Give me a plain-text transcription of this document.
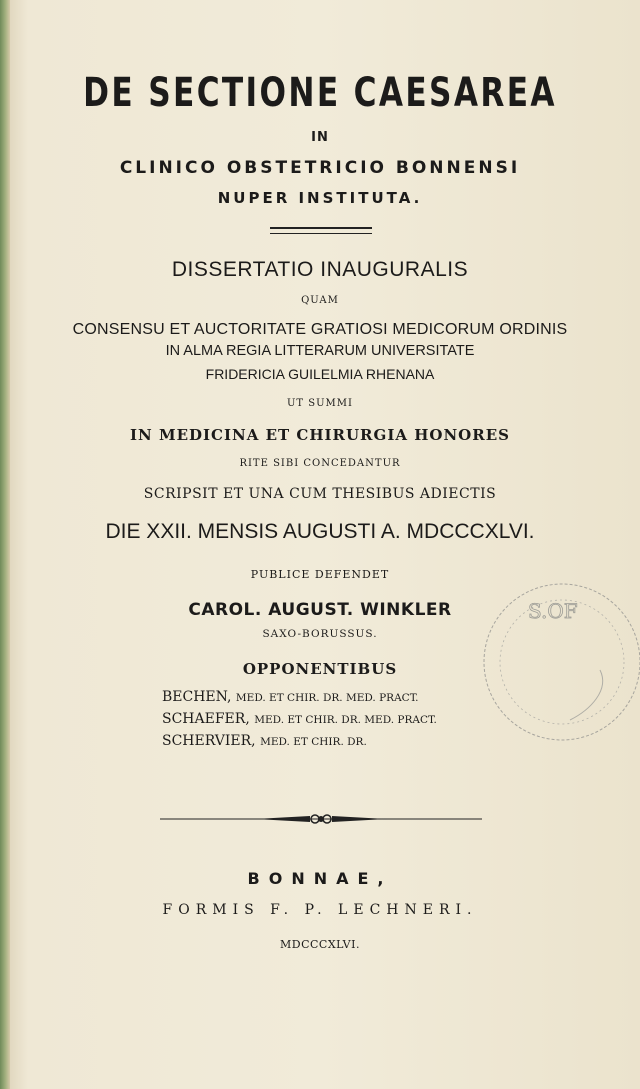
DE SECTIONE CAESAREA
IN
CLINICO OBSTETRICIO BONNENSI
NUPER INSTITUTA.
DISSERTATIO INAUGURALIS
QUAM
CONSENSU ET AUCTORITATE GRATIOSI MEDICORUM ORDINIS
IN ALMA REGIA LITTERARUM UNIVERSITATE
FRIDERICIA GUILELMIA RHENANA
UT SUMMI
IN MEDICINA ET CHIRURGIA HONORES
RITE SIBI CONCEDANTUR
SCRIPSIT ET UNA CUM THESIBUS ADIECTIS
DIE XXII. MENSIS AUGUSTI A. MDCCCXLVI.
PUBLICE DEFENDET
CAROL. AUGUST. WINKLER
SAXO-BORUSSUS.
OPPONENTIBUS
BECHEN, MED. ET CHIR. DR. MED. PRACT.
SCHAEFER, MED. ET CHIR. DR. MED. PRACT.
SCHERVIER, MED. ET CHIR. DR.
BONNAE,
FORMIS F. P. LECHNERI.
MDCCCXLVI.
S.OF
